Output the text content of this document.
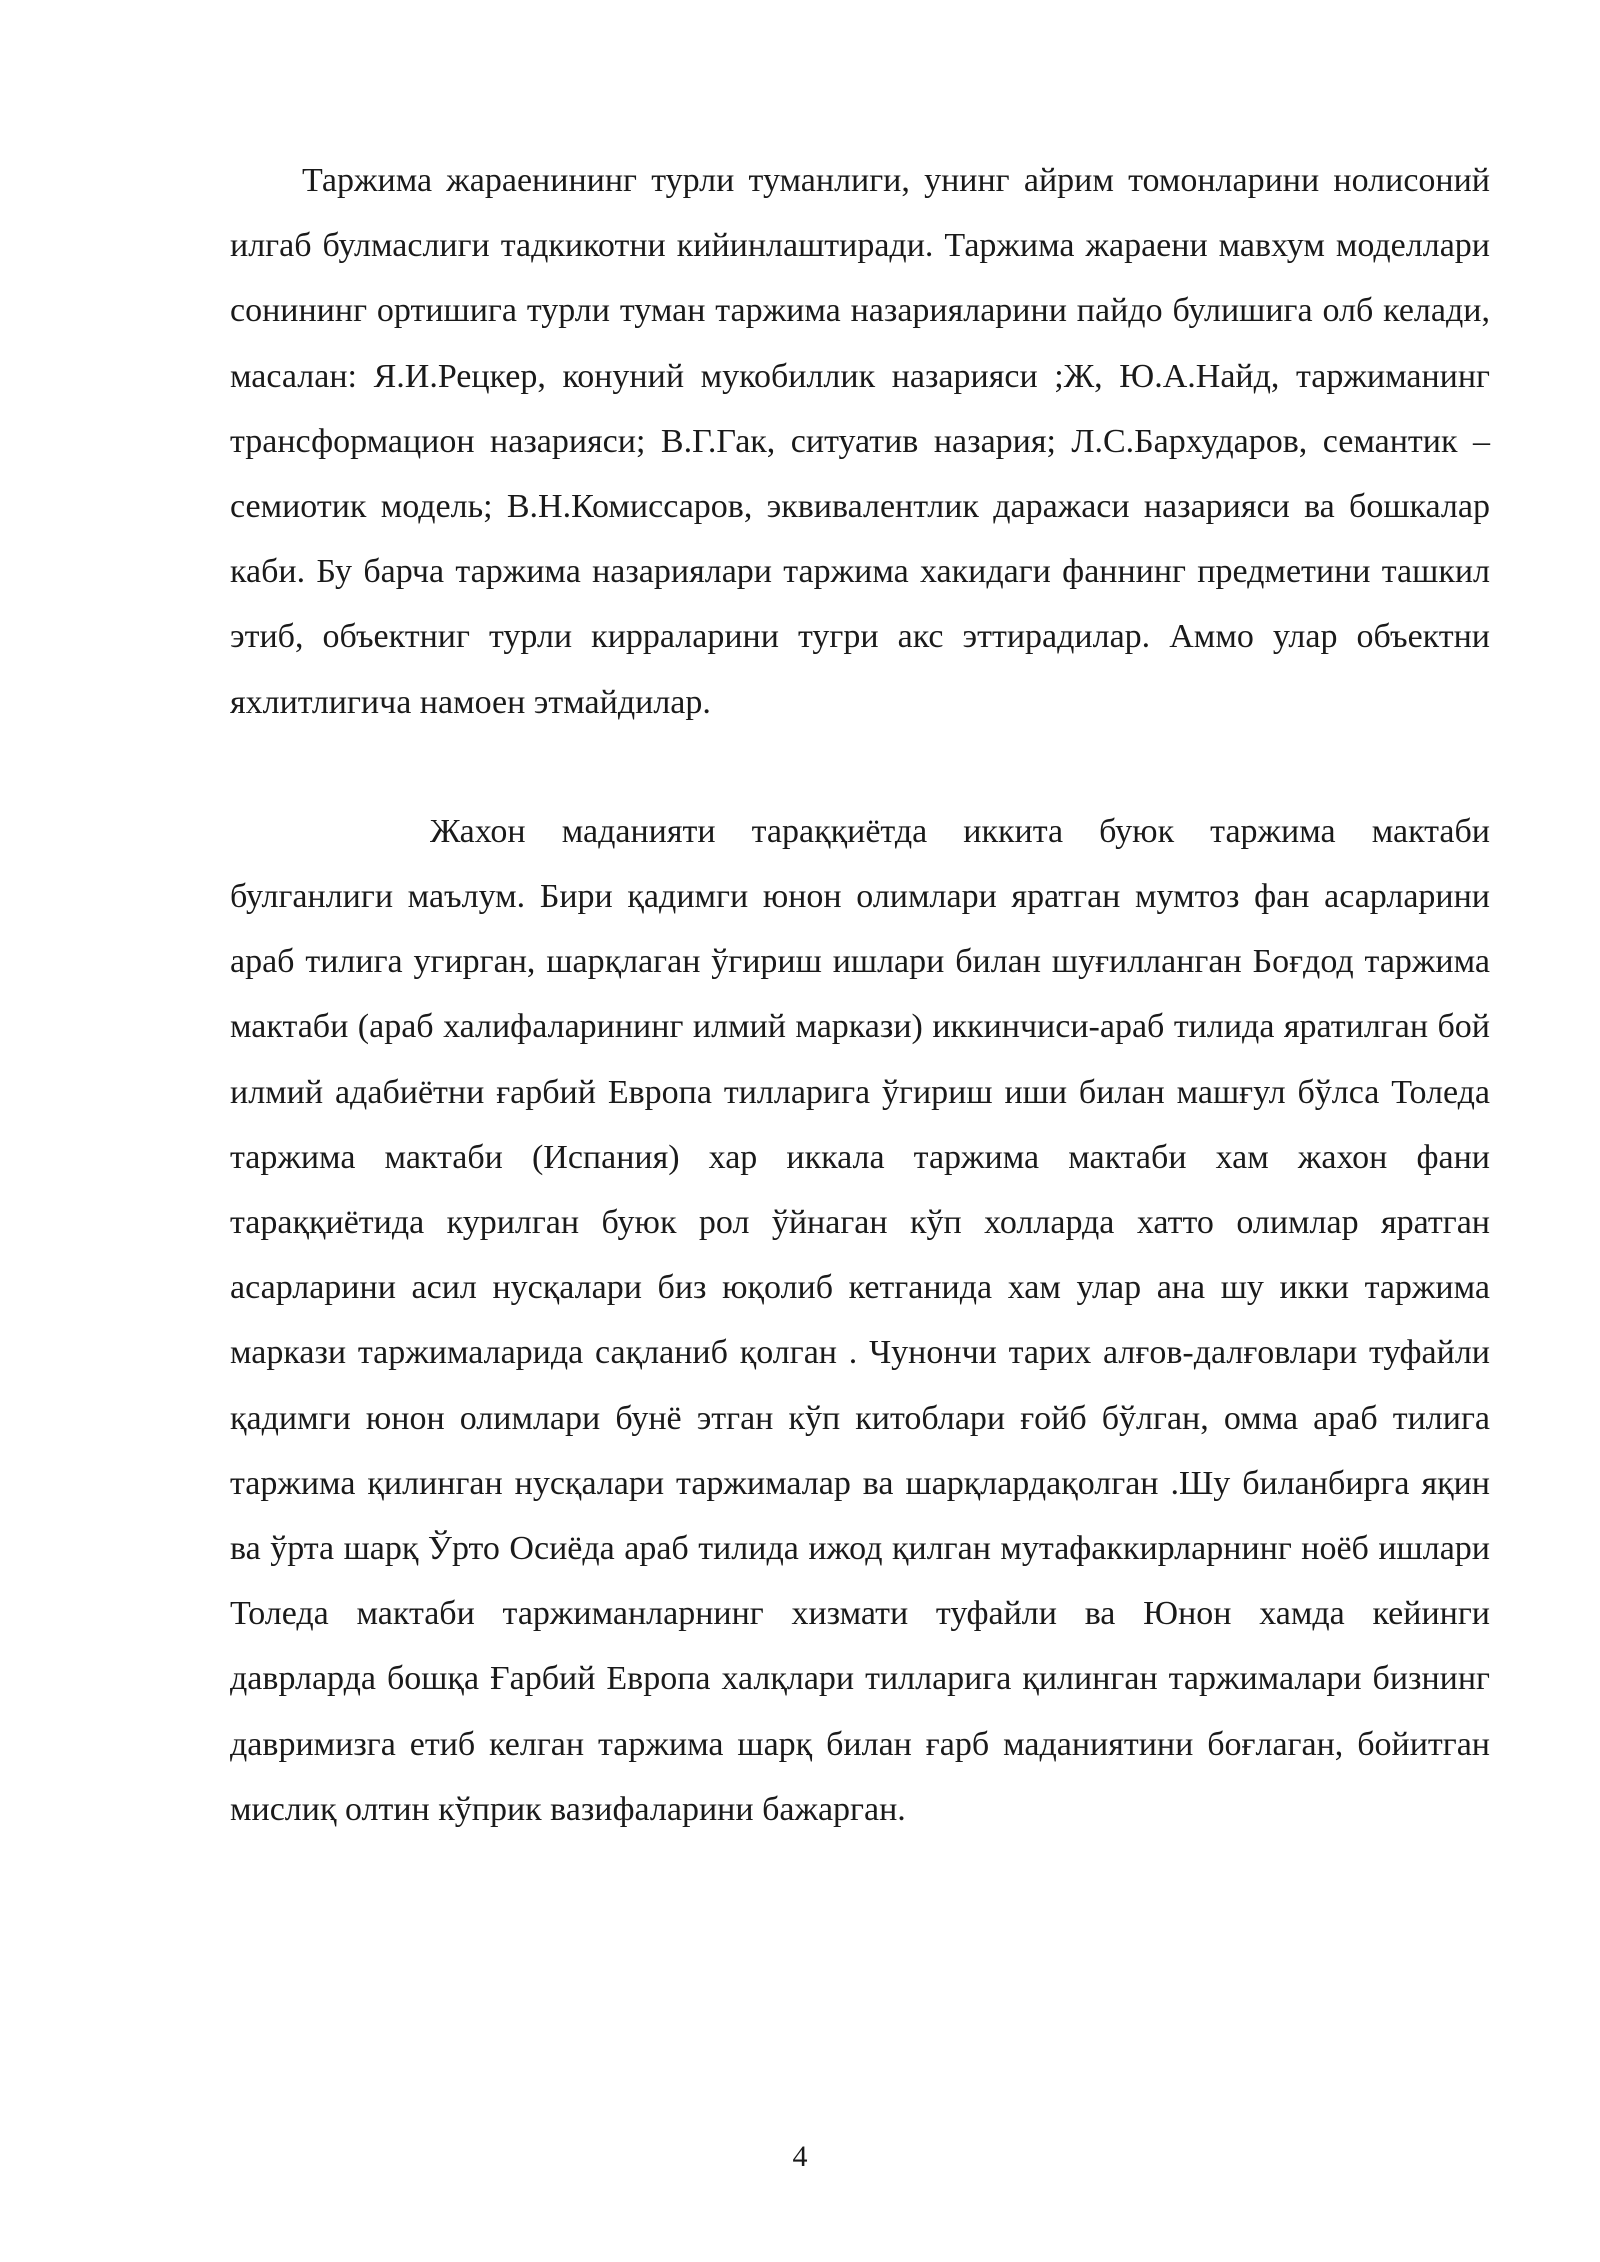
Таржима жараенининг турли туманлиги, унинг айрим томонларини нолисоний илгаб булмаслиги тадкикотни кийинлаштиради. Таржима жараени мавхум моделлари сонининг ортишига турли туман таржима назарияларини пайдо булишига олб келади, масалан: Я.И.Рецкер, конуний мукобиллик назарияси ;Ж, Ю.А.Найд, таржиманинг трансформацион назарияси; В.Г.Гак, ситуатив назария; Л.С.Бархударов, семантик – семиотик модель; В.Н.Комиссаров, эквивалентлик даражаси назарияси ва бошкалар каби. Бу барча таржима назариялари таржима хакидаги фаннинг предметини ташкил этиб, объектниг турли кирраларини тугри акс эттирадилар. Аммо улар объектни яхлитлигича намоен этмайдилар.

Жахон маданияти тараққиётда иккита буюк таржима мактаби булганлиги маълум. Бири қадимги юнон олимлари яратган мумтоз фан асарларини араб тилига угирган, шарқлаган ўгириш ишлари билан шуғилланган Боғдод таржима мактаби (араб халифаларининг илмий маркази) иккинчиси-араб тилида яратилган бой илмий адабиётни ғарбий Европа тилларига ўгириш иши билан машғул бўлса Толеда таржима мактаби (Испания) хар иккала таржима мактаби хам жахон фани тараққиётида курилган буюк рол ўйнаган кўп холларда хатто олимлар яратган асарларини асил нусқалари биз юқолиб кетганида хам улар ана шу икки таржима маркази таржималарида сақланиб қолган . Чунончи тарих алғов-далғовлари туфайли қадимги юнон олимлари бунё этган кўп китоблари ғойб бўлган, омма араб тилига таржима қилинган нусқалари таржималар ва шарқлардақолган .Шу биланбирга яқин ва ўрта шарқ Ўрто Осиёда араб тилида ижод қилган мутафаккирларнинг ноёб ишлари Толеда мактаби таржиманларнинг хизмати туфайли ва Юнон хамда кейинги даврларда бошқа Ғарбий Европа халқлари тилларига қилинган таржималари бизнинг давримизга етиб келган таржима шарқ билан ғарб маданиятини боғлаган, бойитган мислиқ олтин кўприк вазифаларини бажарган.

4
